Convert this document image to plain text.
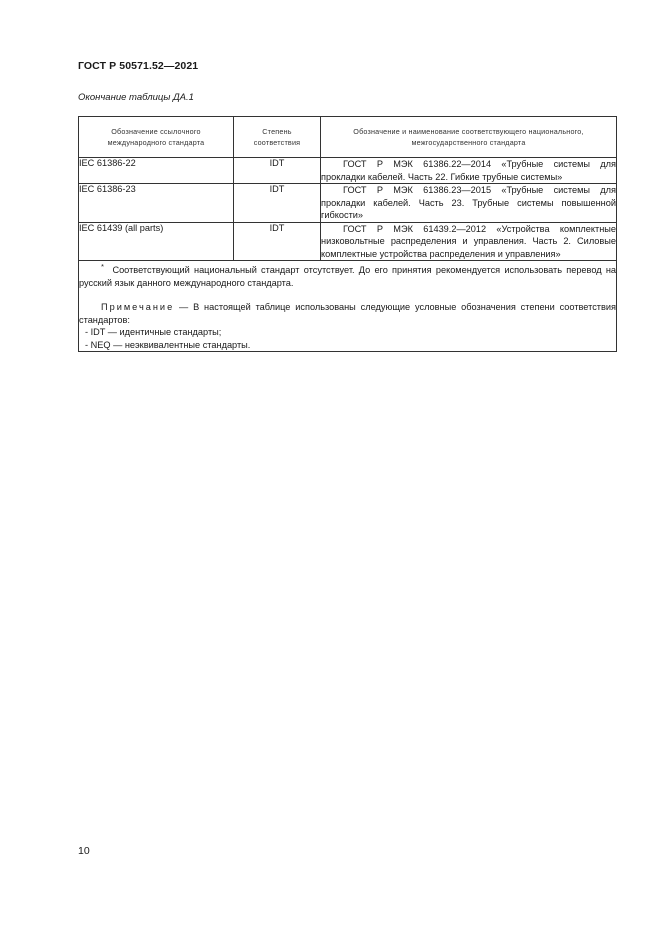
ГОСТ Р 50571.52—2021
Окончание таблицы ДА.1
Обозначение ссылочного международного стандарта	Степень соответствия	Обозначение и наименование соответствующего национального, межгосударственного стандарта
IEC 61386-22	IDT	ГОСТ Р МЭК 61386.22—2014 «Трубные системы для прокладки кабелей. Часть 22. Гибкие трубные системы»
IEC 61386-23	IDT	ГОСТ Р МЭК 61386.23—2015 «Трубные системы для прокладки кабелей. Часть 23. Трубные системы повышенной гибкости»
IEC 61439 (all parts)	IDT	ГОСТ Р МЭК 61439.2—2012 «Устройства комплектные низковольтные распределения и управления. Часть 2. Силовые комплектные устройства распределения и управления»

* Соответствующий национальный стандарт отсутствует. До его принятия рекомендуется использовать перевод на русский язык данного международного стандарта.

Примечание — В настоящей таблице использованы следующие условные обозначения степени соответствия стандартов:

- IDT — идентичные стандарты;

- NEQ — неэквивалентные стандарты.		

10
